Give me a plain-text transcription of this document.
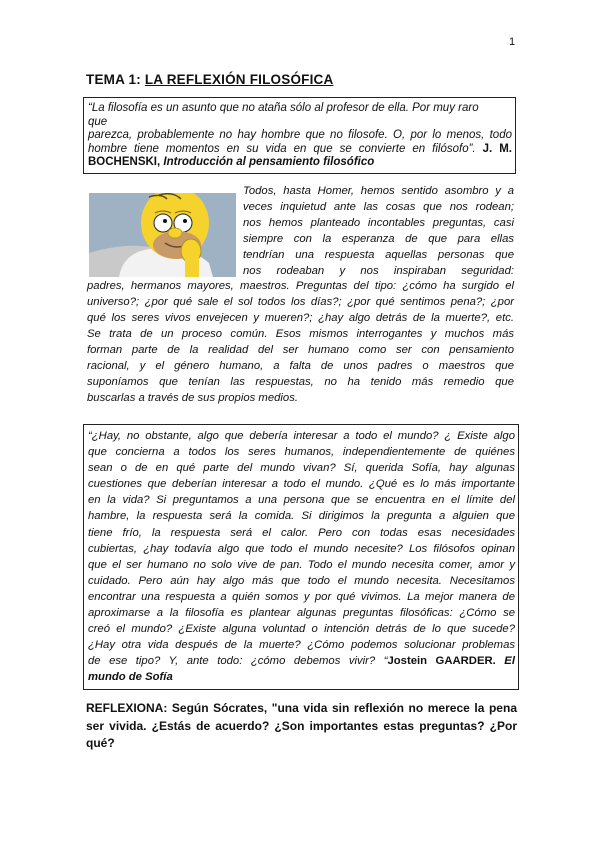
1
TEMA 1: LA REFLEXIÓN FILOSÓFICA
“La filosofía es un asunto que no ataña sólo al profesor de ella. Por muy raro
que
parezca, probablemente no hay hombre que no filosofe. O, por lo menos, todo
hombre tiene momentos en su vida en que se convierte en filósofo”. J. M.
BOCHENSKI, Introducción al pensamiento filosófico
Todos, hasta Homer, hemos sentido asombro y a
veces inquietud ante las cosas que nos rodean;
nos hemos planteado incontables preguntas, casi
siempre con la esperanza de que para ellas
tendrían una respuesta aquellas personas que
nos rodeaban y nos inspiraban seguridad:
padres, hermanos mayores, maestros. Preguntas del tipo: ¿cómo ha surgido el
universo?; ¿por qué sale el sol todos los días?; ¿por qué sentimos pena?; ¿por
qué los seres vivos envejecen y mueren?; ¿hay algo detrás de la muerte?, etc.
Se trata de un proceso común. Esos mismos interrogantes y muchos más
forman parte de la realidad del ser humano como ser con pensamiento
racional, y el género humano, a falta de unos padres o maestros que
suponíamos que tenían las respuestas, no ha tenido más remedio que
buscarlas a través de sus propios medios.
“¿Hay, no obstante, algo que debería interesar a todo el mundo? ¿ Existe algo
que concierna a todos los seres humanos, independientemente de quiénes
sean o de en qué parte del mundo vivan? Sí, querida Sofía, hay algunas
cuestiones que deberían interesar a todo el mundo. ¿Qué es lo más importante
en la vida? Si preguntamos a una persona que se encuentra en el límite del
hambre, la respuesta será la comida. Si dirigimos la pregunta a alguien que
tiene frío, la respuesta será el calor. Pero con todas esas necesidades
cubiertas, ¿hay todavía algo que todo el mundo necesite? Los filósofos opinan
que el ser humano no solo vive de pan. Todo el mundo necesita comer, amor y
cuidado. Pero aún hay algo más que todo el mundo necesita. Necesitamos
encontrar una respuesta a quién somos y por qué vivimos. La mejor manera de
aproximarse a la filosofía es plantear algunas preguntas filosóficas: ¿Cómo se
creó el mundo? ¿Existe alguna voluntad o intención detrás de lo que sucede?
¿Hay otra vida después de la muerte? ¿Cómo podemos solucionar problemas
de ese tipo? Y, ante todo: ¿cómo debemos vivir? “Jostein GAARDER. El
mundo de Sofía
REFLEXIONA: Según Sócrates, "una vida sin reflexión no merece la pena
ser vivida. ¿Estás de acuerdo? ¿Son importantes estas preguntas? ¿Por
qué?
